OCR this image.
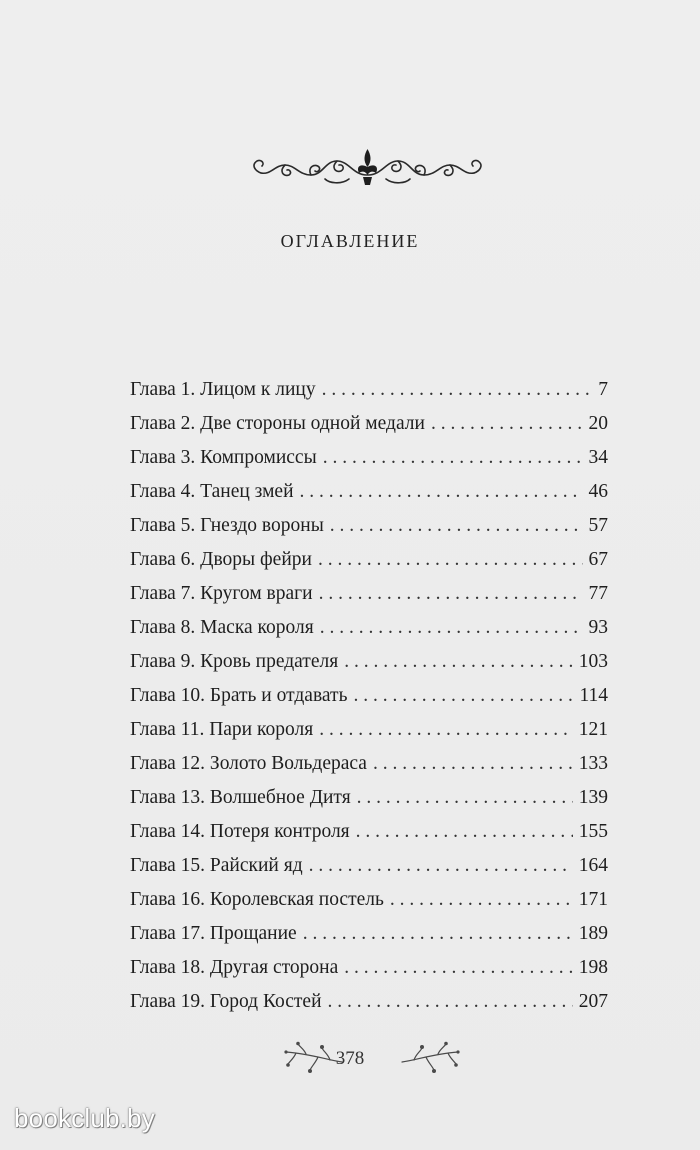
оглавление
Глава 1. Лицом к лицу . . .	7
Глава 2. Две стороны одной медали . . .	20
Глава 3. Компромиссы . . .	34
Глава 4. Танец змей . . .	46
Глава 5. Гнездо вороны . . .	57
Глава 6. Дворы фейри . . .	67
Глава 7. Кругом враги . . .	77
Глава 8. Маска короля . . .	93
Глава 9. Кровь предателя . . .	103
Глава 10. Брать и отдавать . . .	114
Глава 11. Пари короля . . .	121
Глава 12. Золото Вольдераса . . .	133
Глава 13. Волшебное Дитя . . .	139
Глава 14. Потеря контроля . . .	155
Глава 15. Райский яд . . .	164
Глава 16. Королевская постель . . .	171
Глава 17. Прощание . . .	189
Глава 18. Другая сторона . . .	198
Глава 19. Город Костей . . .	207
378
bookclub.by
